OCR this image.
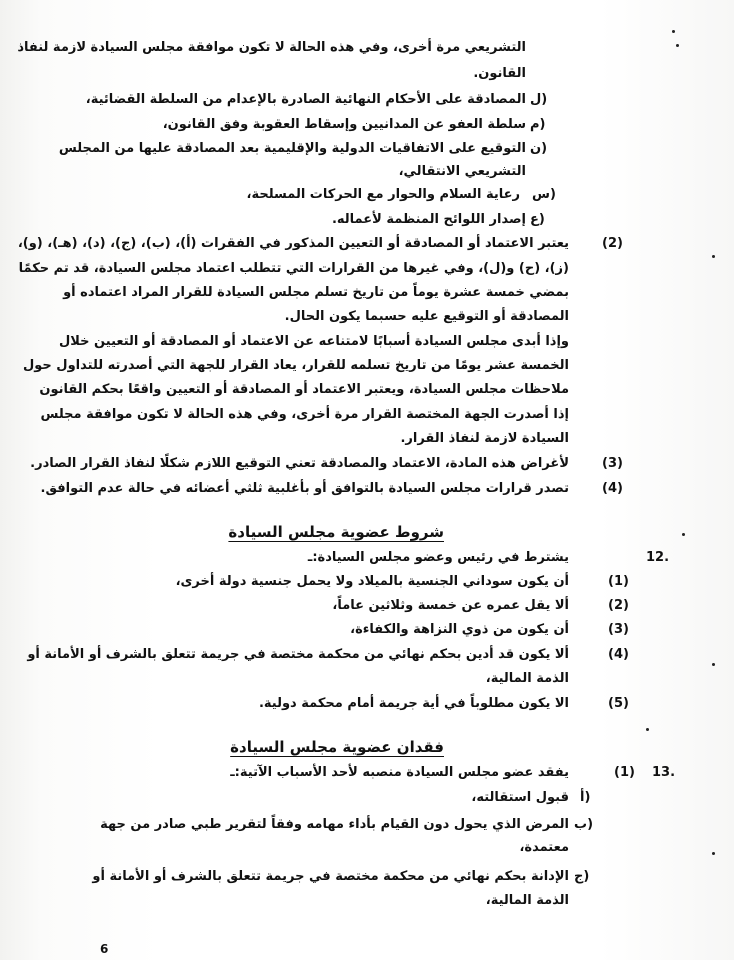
التشريعي مرة أخرى، وفي هذه الحالة لا تكون موافقة مجلس السيادة لازمة لنفاذ
القانون.
المصادقة على الأحكام النهائية الصادرة بالإعدام من السلطة القضائية،
سلطة العفو عن المدانيين وإسقاط العقوبة وفق القانون،
التوقيع على الاتفاقيات الدولية والإقليمية بعد المصادقة عليها من المجلس
التشريعي الانتقالي،
رعاية السلام والحوار مع الحركات المسلحة،
إصدار اللوائح المنظمة لأعماله.
يعتبر الاعتماد أو المصادقة أو التعيين المذكور في الفقرات (أ)، (ب)، (ج)، (د)، (هـ)، (و)،
(ز)، (ح) و(ل)، وفي غيرها من القرارات التي تتطلب اعتماد مجلس السيادة، قد تم حكمًا
بمضي خمسة عشرة يوماً من تاريخ تسلم مجلس السيادة للقرار المراد اعتماده أو
المصادقة أو التوقيع عليه حسبما يكون الحال.
وإذا أبدى مجلس السيادة أسبابًا لامتناعه عن الاعتماد أو المصادقة أو التعيين خلال
الخمسة عشر يومًا من تاريخ تسلمه للقرار، يعاد القرار للجهة التي أصدرته للتداول حول
ملاحظات مجلس السيادة، ويعتبر الاعتماد أو المصادقة أو التعيين واقعًا بحكم القانون
إذا أصدرت الجهة المختصة القرار مرة أخرى، وفي هذه الحالة لا تكون موافقة مجلس
السيادة لازمة لنفاذ القرار.
لأغراض هذه المادة، الاعتماد والمصادقة تعني التوقيع اللازم شكلًا لنفاذ القرار الصادر.
تصدر قرارات مجلس السيادة بالتوافق أو بأغلبية ثلثي أعضائه في حالة عدم التوافق.
شروط عضوية مجلس السيادة
يشترط في رئيس وعضو مجلس السيادة:ـ
أن يكون سوداني الجنسية بالميلاد ولا يحمل جنسية دولة أخرى،
ألا يقل عمره عن خمسة وثلاثين عاماً،
أن يكون من ذوي النزاهة والكفاءة،
ألا يكون قد أدين بحكم نهائي من محكمة مختصة في جريمة تتعلق بالشرف أو الأمانة أو
الذمة المالية،
الا يكون مطلوباً في أية جريمة أمام محكمة دولية.
فقدان عضوية مجلس السيادة
يفقد عضو مجلس السيادة منصبه لأحد الأسباب الآتية:ـ
قبول استقالته،
المرض الذي يحول دون القيام بأداء مهامه وفقاً لتقرير طبي صادر من جهة
معتمدة،
الإدانة بحكم نهائي من محكمة مختصة في جريمة تتعلق بالشرف أو الأمانة أو
الذمة المالية،
(ل
(م
(ن
(س
(ع
(2)
(3)
(4)
.12
(1)
(2)
(3)
(4)
(5)
.13
(1)
(أ
(ب
(ج
6
